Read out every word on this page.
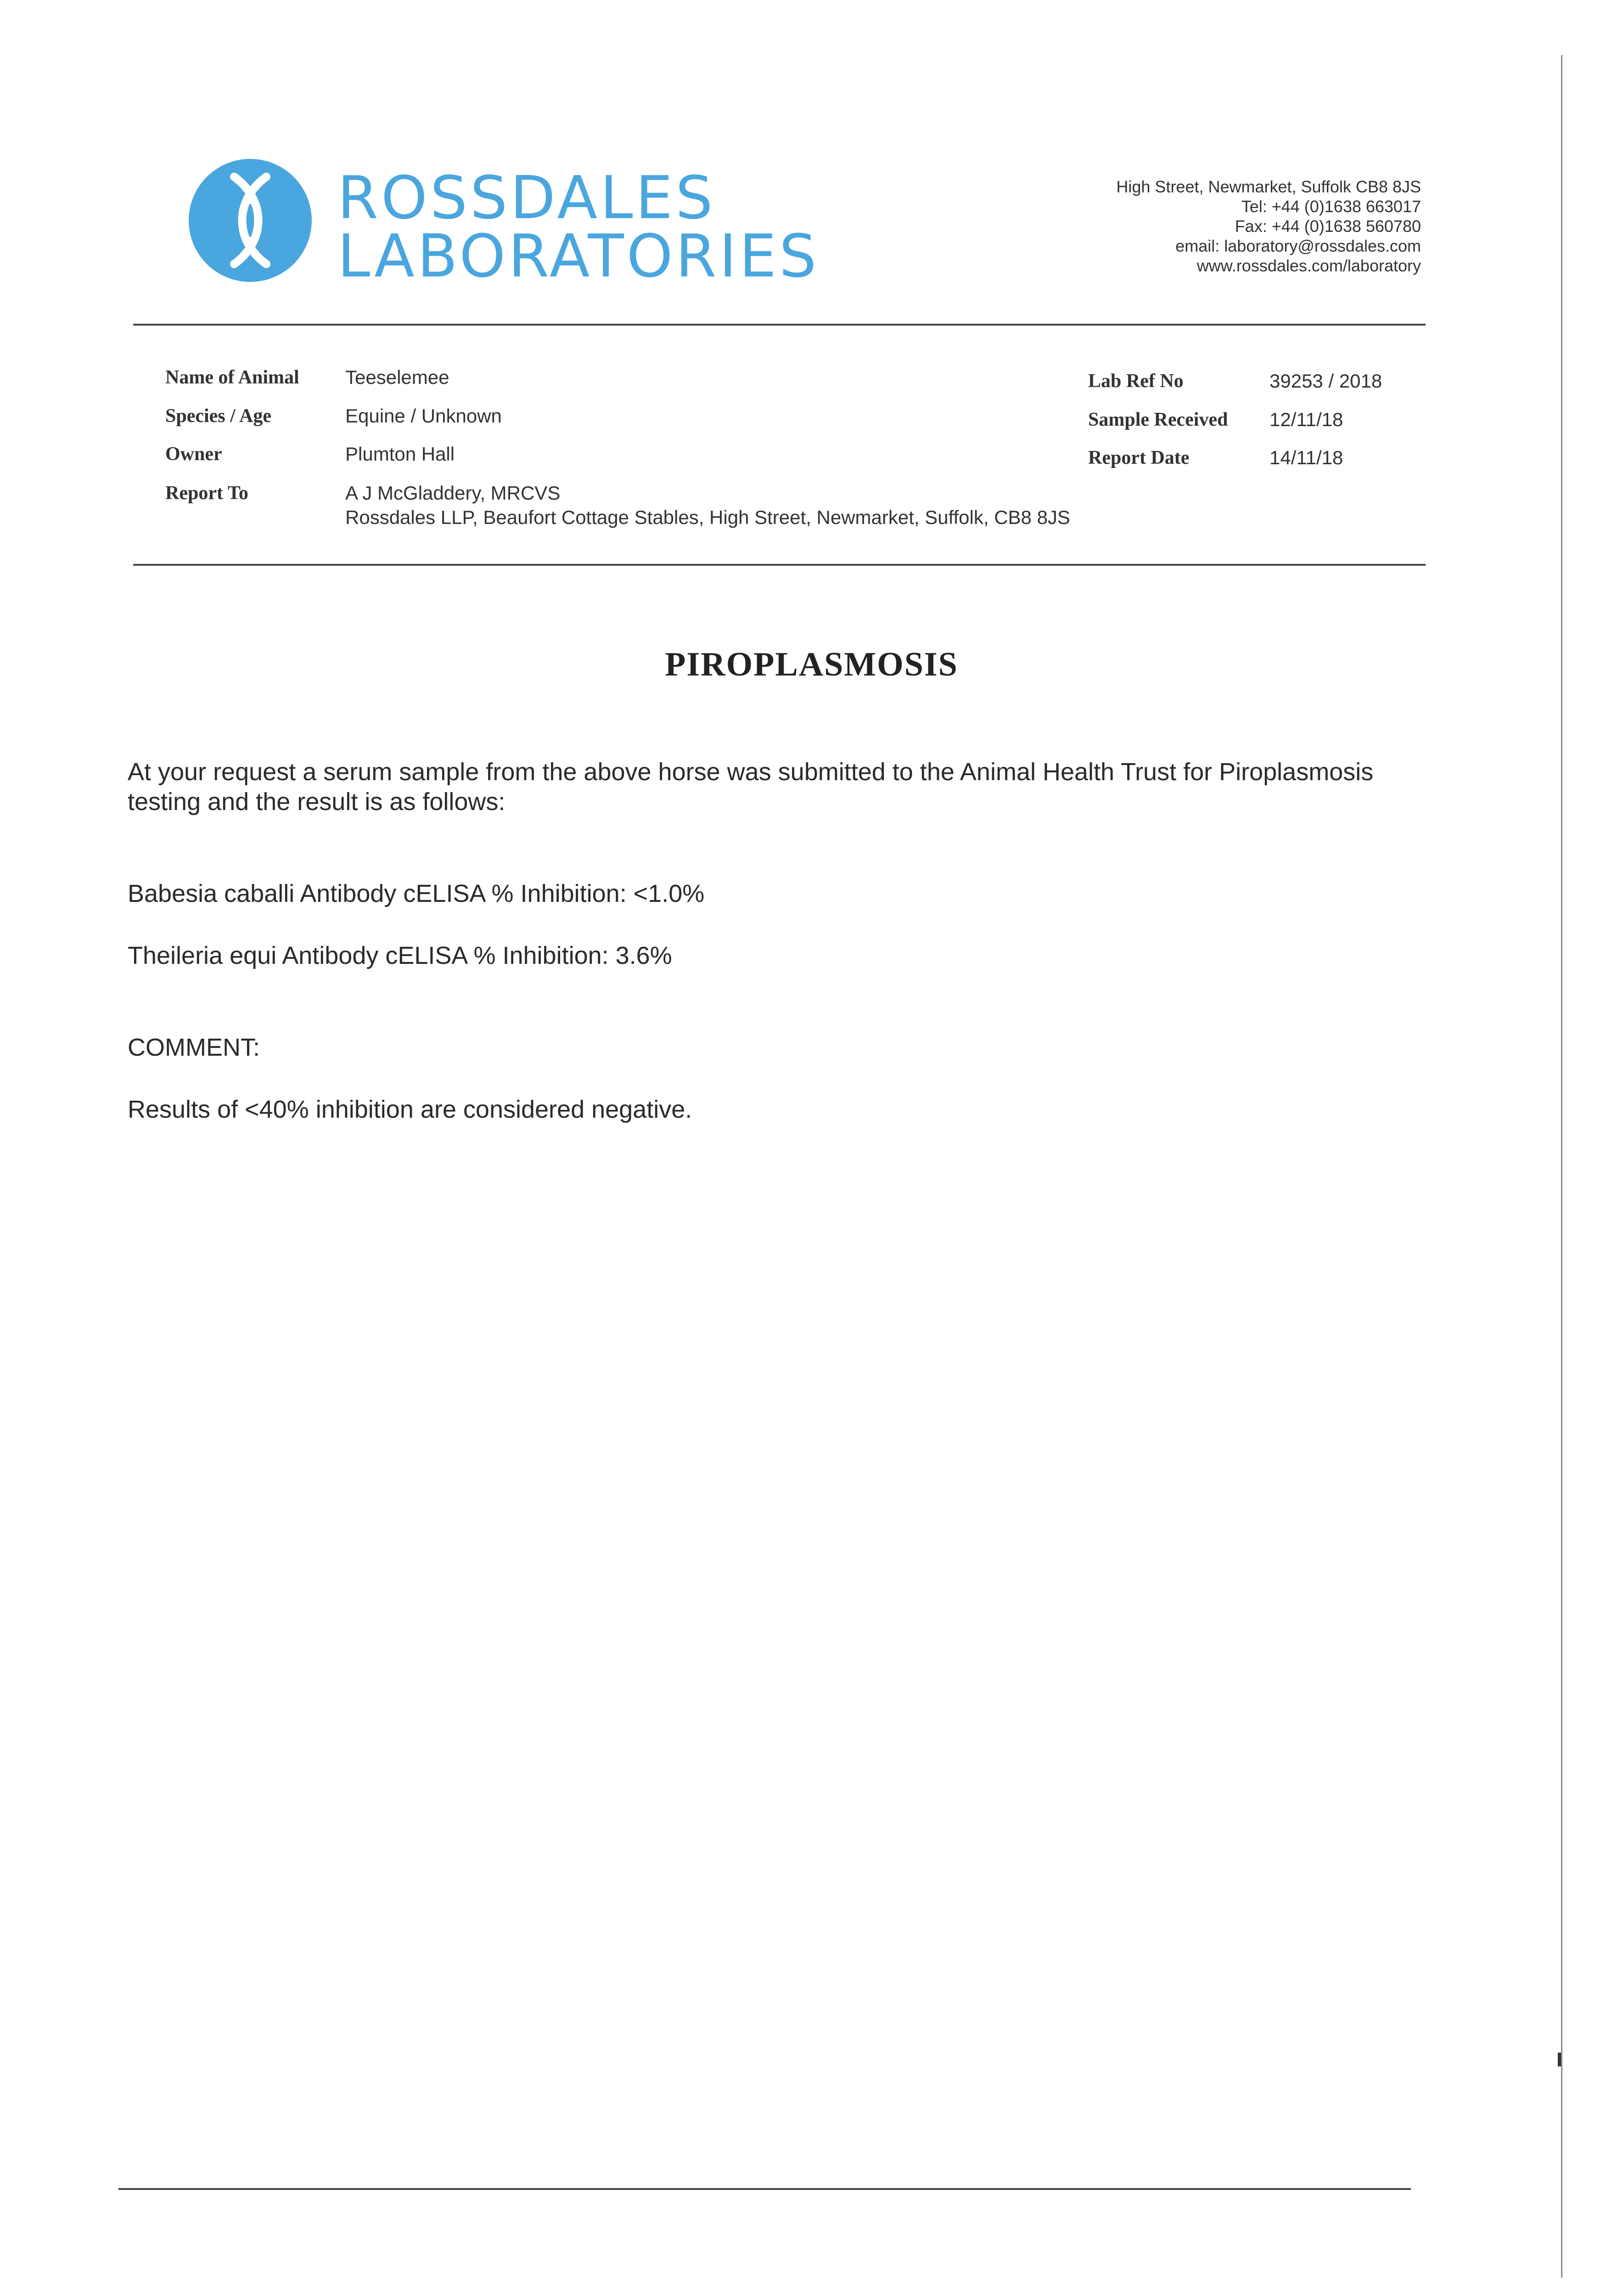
ROSSDALES
LABORATORIES
High Street, Newmarket, Suffolk CB8 8JS
Tel: +44 (0)1638 663017
Fax: +44 (0)1638 560780
email: laboratory@rossdales.com
www.rossdales.com/laboratory
Name of Animal Teeselemee
Species / Age	Equine / Unknown
Owner	Plumton Hall
Report To	A J McGladdery, MRCVS
Rossdales LLP, Beaufort Cottage Stables, High Street, Newmarket, Suffolk, CB8 8JS
Lab Ref No	39253 / 2018
Sample Received 12/11/18
Report Date	14/11/18
PIROPLASMOSIS
At your request a serum sample from the above horse was submitted to the Animal Health Trust for Piroplasmosis
testing and the result is as follows:
Babesia caballi Antibody cELISA % Inhibition: <1.0%
Theileria equi Antibody cELISA % Inhibition: 3.6%
COMMENT:
Results of <40% inhibition are considered negative.
